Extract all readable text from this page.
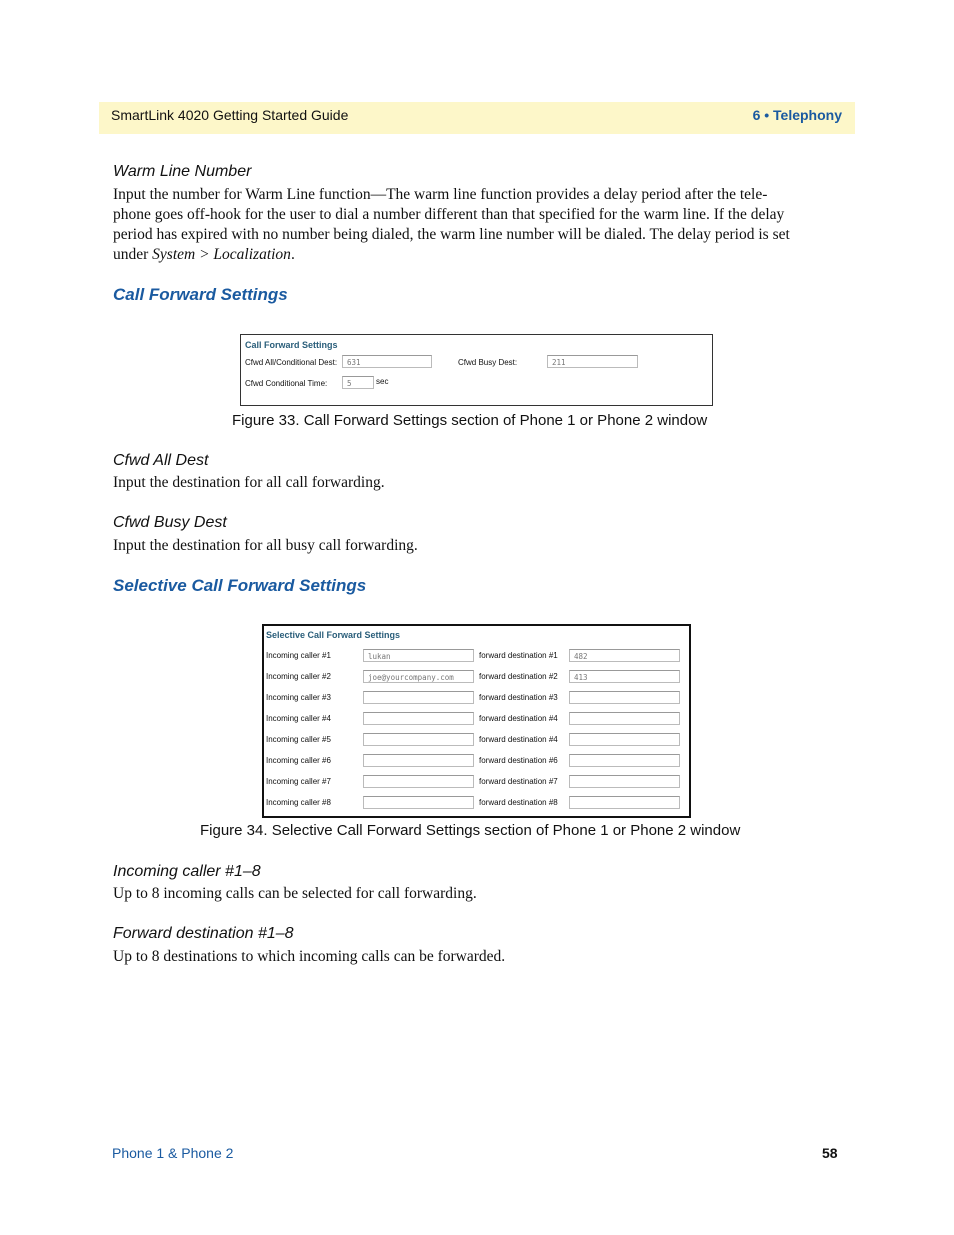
SmartLink 4020 Getting Started Guide	6 • Telephony
Warm Line Number
Input the number for Warm Line function—The warm line function provides a delay period after the tele-
phone goes off-hook for the user to dial a number different than that specified for the warm line. If the delay
period has expired with no number being dialed, the warm line number will be dialed. The delay period is set
under System > Localization.
Call Forward Settings
Call Forward Settings
Cfwd All/Conditional Dest:	631	Cfwd Busy Dest:	211
Cfwd Conditional Time:	5	sec
Figure 33. Call Forward Settings section of Phone 1 or Phone 2 window
Cfwd All Dest
Input the destination for all call forwarding.
Cfwd Busy Dest
Input the destination for all busy call forwarding.
Selective Call Forward Settings
Selective Call Forward Settings
Incoming caller #1	lukan	forward destination #1	482
Incoming caller #2	joe@yourcompany.com	forward destination #2	413
Incoming caller #3	forward destination #3
Incoming caller #4	forward destination #4
Incoming caller #5	forward destination #4
Incoming caller #6	forward destination #6
Incoming caller #7	forward destination #7
Incoming caller #8	forward destination #8
Figure 34. Selective Call Forward Settings section of Phone 1 or Phone 2 window
Incoming caller #1–8
Up to 8 incoming calls can be selected for call forwarding.
Forward destination #1–8
Up to 8 destinations to which incoming calls can be forwarded.
Phone 1 & Phone 2	58
